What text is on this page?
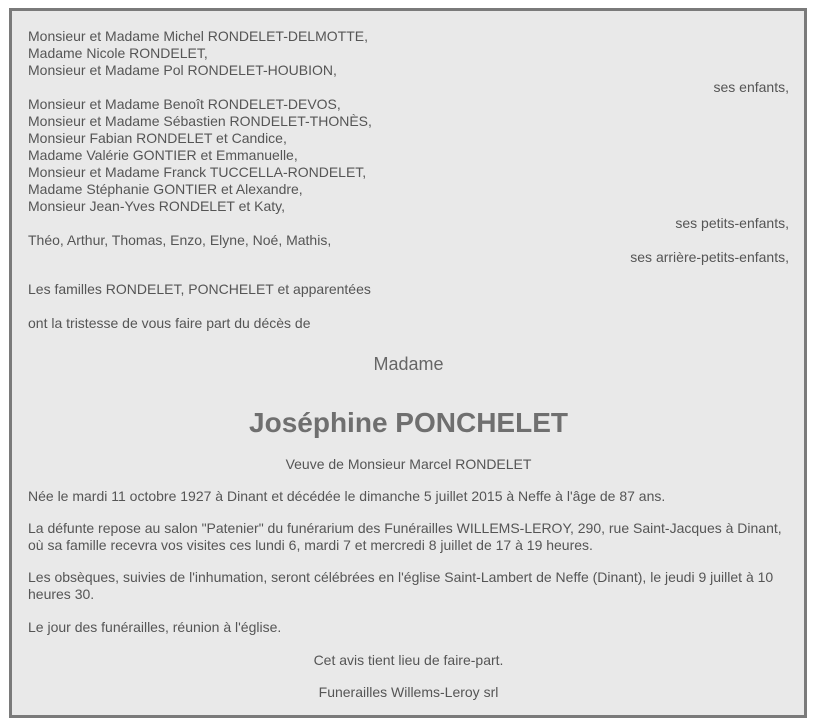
Monsieur et Madame Michel RONDELET-DELMOTTE,
Madame Nicole RONDELET,
Monsieur et Madame Pol RONDELET-HOUBION,
ses enfants,
Monsieur et Madame Benoît RONDELET-DEVOS,
Monsieur et Madame Sébastien RONDELET-THONÈS,
Monsieur Fabian RONDELET et Candice,
Madame Valérie GONTIER et Emmanuelle,
Monsieur et Madame Franck TUCCELLA-RONDELET,
Madame Stéphanie GONTIER et Alexandre,
Monsieur Jean-Yves RONDELET et Katy,
ses petits-enfants,
Théo, Arthur, Thomas, Enzo, Elyne, Noé, Mathis,
ses arrière-petits-enfants,
Les familles RONDELET, PONCHELET et apparentées
ont la tristesse de vous faire part du décès de
Madame
Joséphine PONCHELET
Veuve de Monsieur Marcel RONDELET
Née le mardi 11 octobre 1927 à Dinant et décédée le dimanche 5 juillet 2015 à Neffe à l'âge de 87 ans.
La défunte repose au salon "Patenier" du funérarium des Funérailles WILLEMS-LEROY, 290, rue Saint-Jacques à Dinant, où sa famille recevra vos visites ces lundi 6, mardi 7 et mercredi 8 juillet de 17 à 19 heures.
Les obsèques, suivies de l'inhumation, seront célébrées en l'église Saint-Lambert de Neffe (Dinant), le jeudi 9 juillet à 10 heures 30.
Le jour des funérailles, réunion à l'église.
Cet avis tient lieu de faire-part.
Funerailles Willems-Leroy srl
